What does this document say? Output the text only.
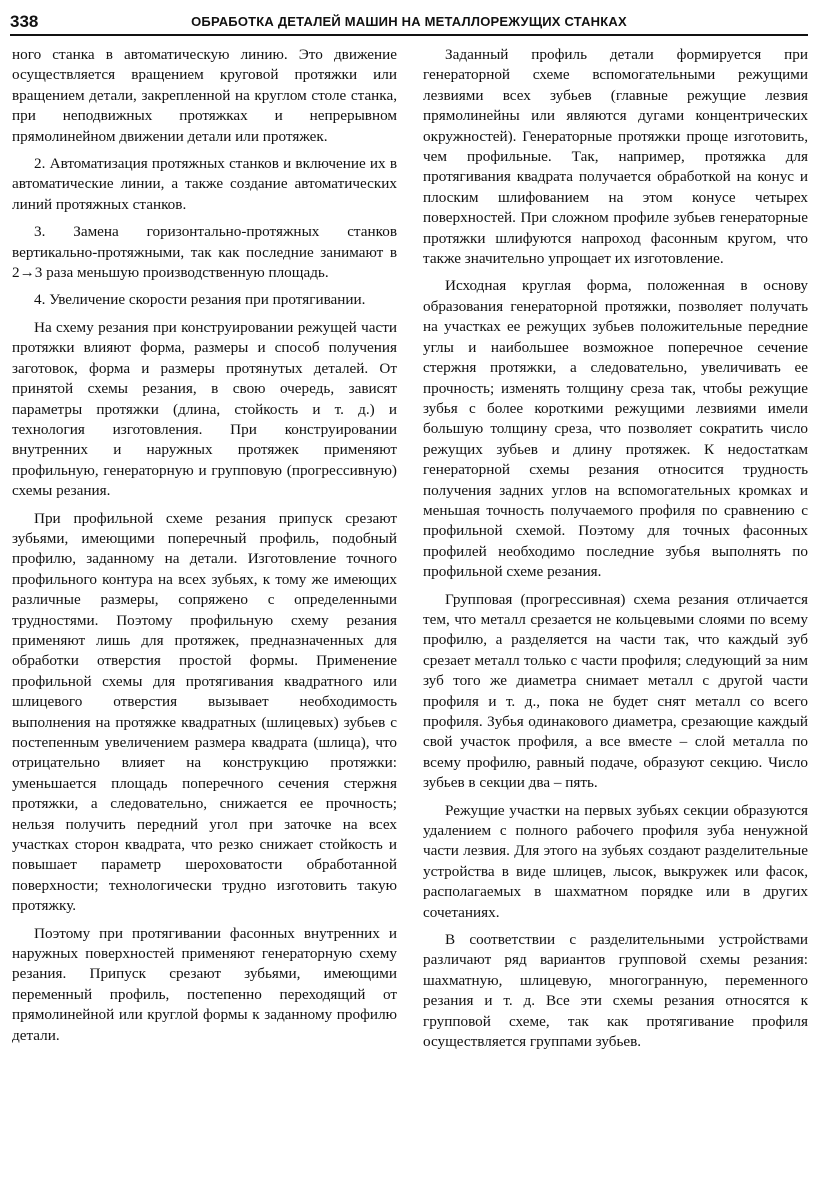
338	ОБРАБОТКА ДЕТАЛЕЙ МАШИН НА МЕТАЛЛОРЕЖУЩИХ СТАНКАХ

ного станка в автоматическую линию. Это движение осуществляется вращением круговой протяжки или вращением детали, закрепленной на круглом столе станка, при неподвижных протяжках и непрерывном прямолинейном движении детали или протяжек.

2. Автоматизация протяжных станков и включение их в автоматические линии, а также создание автоматических линий протяжных станков.

3. Замена горизонтально-протяжных станков вертикально-протяжными, так как последние занимают в 2→3 раза меньшую производственную площадь.

4. Увеличение скорости резания при протягивании.

На схему резания при конструировании режущей части протяжки влияют форма, размеры и способ получения заготовок, форма и размеры протянутых деталей. От принятой схемы резания, в свою очередь, зависят параметры протяжки (длина, стойкость и т. д.) и технология изготовления. При конструировании внутренних и наружных протяжек применяют профильную, генераторную и групповую (прогрессивную) схемы резания.

При профильной схеме резания припуск срезают зубьями, имеющими поперечный профиль, подобный профилю, заданному на детали. Изготовление точного профильного контура на всех зубьях, к тому же имеющих различные размеры, сопряжено с определенными трудностями. Поэтому профильную схему резания применяют лишь для протяжек, предназначенных для обработки отверстия простой формы. Применение профильной схемы для протягивания квадратного или шлицевого отверстия вызывает необходимость выполнения на протяжке квадратных (шлицевых) зубьев с постепенным увеличением размера квадрата (шлица), что отрицательно влияет на конструкцию протяжки: уменьшается площадь поперечного сечения стержня протяжки, а следовательно, снижается ее прочность; нельзя получить передний угол при заточке на всех участках сторон квадрата, что резко снижает стойкость и повышает параметр шероховатости обработанной поверхности; технологически трудно изготовить такую протяжку.

Поэтому при протягивании фасонных внутренних и наружных поверхностей применяют генераторную схему резания. Припуск срезают зубьями, имеющими переменный профиль, постепенно переходящий от прямолинейной или круглой формы к заданному профилю детали.

Заданный профиль детали формируется при генераторной схеме вспомогательными режущими лезвиями всех зубьев (главные режущие лезвия прямолинейны или являются дугами концентрических окружностей). Генераторные протяжки проще изготовить, чем профильные. Так, например, протяжка для протягивания квадрата получается обработкой на конус и плоским шлифованием на этом конусе четырех поверхностей. При сложном профиле зубьев генераторные протяжки шлифуются напроход фасонным кругом, что также значительно упрощает их изготовление.

Исходная круглая форма, положенная в основу образования генераторной протяжки, позволяет получать на участках ее режущих зубьев положительные передние углы и наибольшее возможное поперечное сечение стержня протяжки, а следовательно, увеличивать ее прочность; изменять толщину среза так, чтобы режущие зубья с более короткими режущими лезвиями имели большую толщину среза, что позволяет сократить число режущих зубьев и длину протяжек. К недостаткам генераторной схемы резания относится трудность получения задних углов на вспомогательных кромках и меньшая точность получаемого профиля по сравнению с профильной схемой. Поэтому для точных фасонных профилей необходимо последние зубья выполнять по профильной схеме резания.

Групповая (прогрессивная) схема резания отличается тем, что металл срезается не кольцевыми слоями по всему профилю, а разделяется на части так, что каждый зуб срезает металл только с части профиля; следующий за ним зуб того же диаметра снимает металл с другой части профиля и т. д., пока не будет снят металл со всего профиля. Зубья одинакового диаметра, срезающие каждый свой участок профиля, а все вместе – слой металла по всему профилю, равный подаче, образуют секцию. Число зубьев в секции два – пять.

Режущие участки на первых зубьях секции образуются удалением с полного рабочего профиля зуба ненужной части лезвия. Для этого на зубьях создают разделительные устройства в виде шлицев, лысок, выкружек или фасок, располагаемых в шахматном порядке или в других сочетаниях.

В соответствии с разделительными устройствами различают ряд вариантов групповой схемы резания: шахматную, шлицевую, многогранную, переменного резания и т. д. Все эти схемы резания относятся к групповой схеме, так как протягивание профиля осуществляется группами зубьев.
